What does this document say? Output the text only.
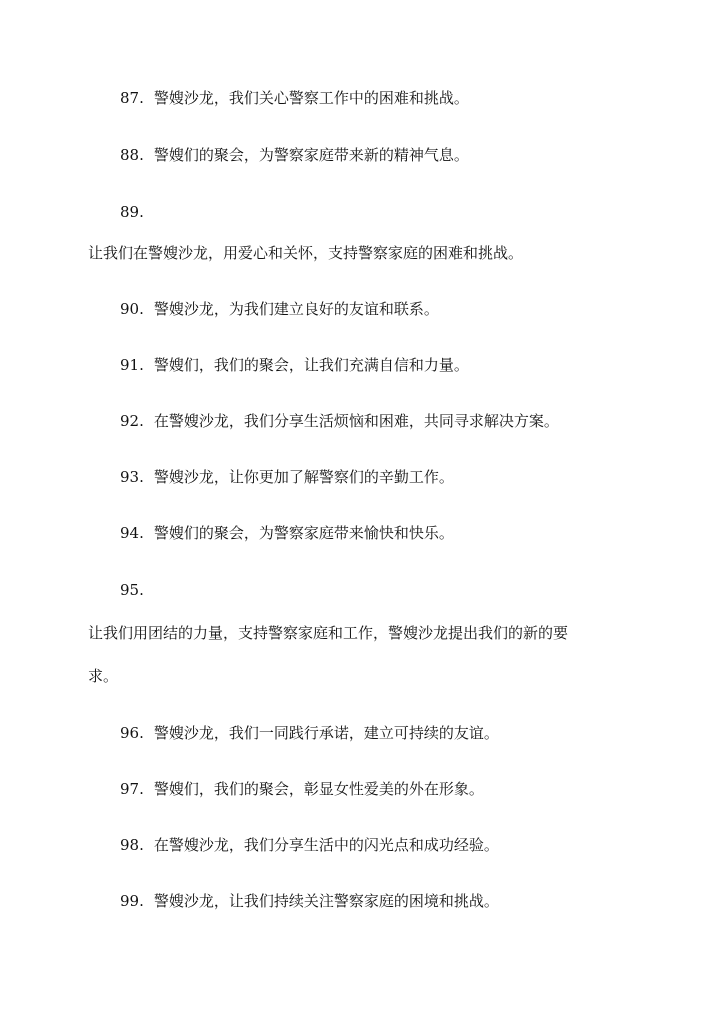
87. 警嫂沙龙，我们关心警察工作中的困难和挑战。
88. 警嫂们的聚会，为警察家庭带来新的精神气息。
89.
让我们在警嫂沙龙，用爱心和关怀，支持警察家庭的困难和挑战。
90. 警嫂沙龙，为我们建立良好的友谊和联系。
91. 警嫂们，我们的聚会，让我们充满自信和力量。
92. 在警嫂沙龙，我们分享生活烦恼和困难，共同寻求解决方案。
93. 警嫂沙龙，让你更加了解警察们的辛勤工作。
94. 警嫂们的聚会，为警察家庭带来愉快和快乐。
95.
让我们用团结的力量，支持警察家庭和工作，警嫂沙龙提出我们的新的要
求。
96. 警嫂沙龙，我们一同践行承诺，建立可持续的友谊。
97. 警嫂们，我们的聚会，彰显女性爱美的外在形象。
98. 在警嫂沙龙，我们分享生活中的闪光点和成功经验。
99. 警嫂沙龙，让我们持续关注警察家庭的困境和挑战。
